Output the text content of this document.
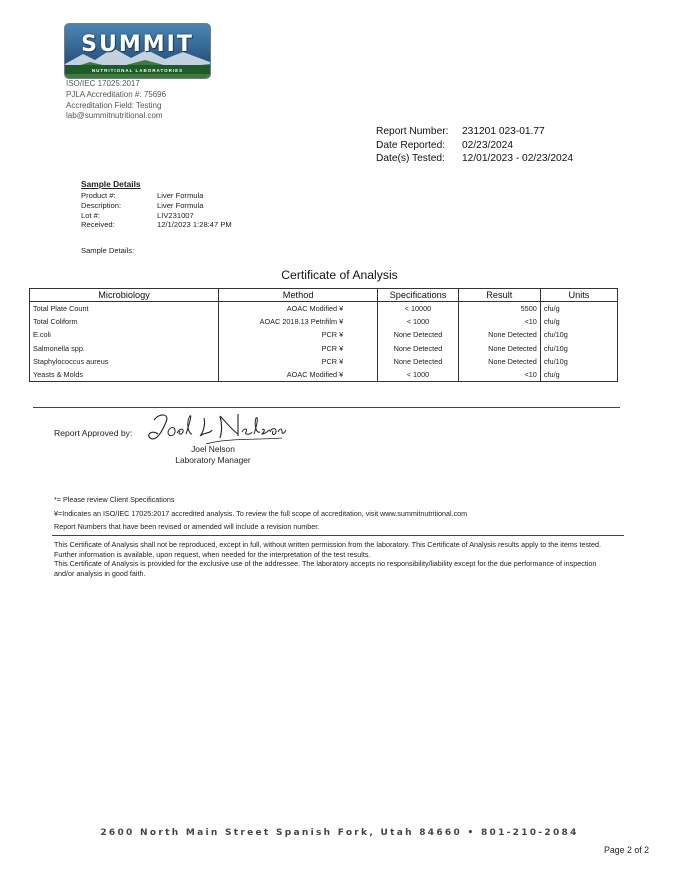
SUMMIT
NUTRITIONAL LABORATORIES
ISO/IEC 17025:2017
PJLA Accreditation #: 75696
Accreditation Field: Testing
lab@summitnutritional.com
Report Number:	231201 023-01.77
Date Reported:	02/23/2024
Date(s) Tested:	12/01/2023 - 02/23/2024
Sample Details
Product #:	Liver Formula
Description:	Liver Formula
Lot #:	LIV231007
Received:	12/1/2023 1:28:47 PM
Sample Details:
Certificate of Analysis
Microbiology	Method	Specifications	Result	Units
Total Plate Count	AOAC Modified ¥	< 10000	5500	cfu/g
Total Coliform	AOAC 2018.13 Petrifilm ¥	< 1000	<10	cfu/g
E.coli	PCR ¥	None Detected	None Detected	cfu/10g
Salmonella spp.	PCR ¥	None Detected	None Detected	cfu/10g
Staphylococcus aureus	PCR ¥	None Detected	None Detected	cfu/10g
Yeasts & Molds	AOAC Modified ¥	< 1000	<10	cfu/g
Report Approved by:
Joel Nelson
Laboratory Manager
*= Please review Client Specifications
¥=Indicates an ISO/IEC 17025:2017 accredited analysis. To review the full scope of accreditation, visit www.summitnutritional.com
Report Numbers that have been revised or amended will include a revision number.
This Certificate of Analysis shall not be reproduced, except in full, without written permission from the laboratory. This Certificate of Analysis results apply to the items tested. Further information is available, upon request, when needed for the interpretation of the test results.
This Certificate of Analysis is provided for the exclusive use of the addressee. The laboratory accepts no responsibility/liability except for the due performance of inspection and/or analysis in good faith.
2600 North Main Street Spanish Fork, Utah 84660 • 801-210-2084
Page 2 of 2
